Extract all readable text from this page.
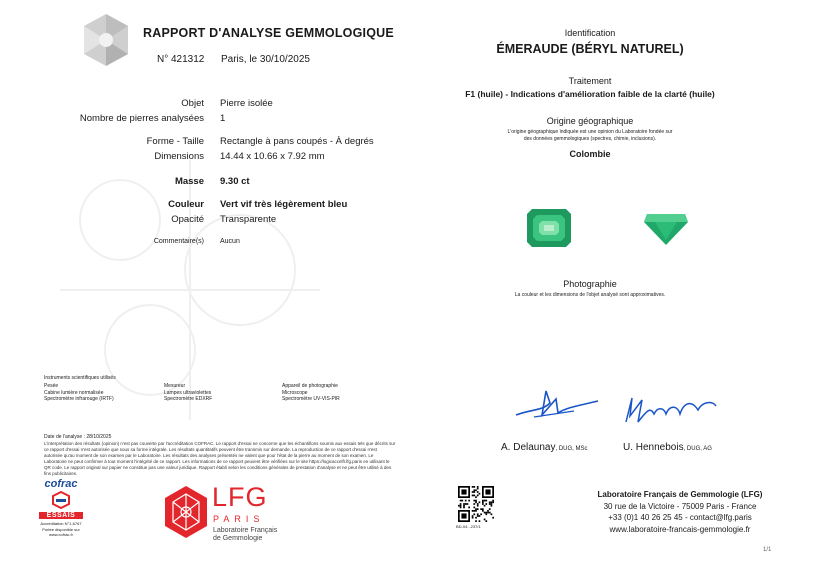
RAPPORT D'ANALYSE GEMMOLOGIQUE
N° 421312 Paris, le 30/10/2025
Objet Pierre isolée
Nombre de pierres analysées 1
Forme - Taille Rectangle à pans coupés - À degrés
Dimensions 14.44 x 10.66 x 7.92 mm
Masse 9.30 ct
Couleur Vert vif très légèrement bleu
Opacité Transparente
Commentaire(s) Aucun
Instruments scientifiques utilisés
Pesée
Cabine lumière normalisée
Spectromètre infrarouge (IRTF)
Mesureur
Lampes ultraviolettes
Spectromètre EDXRF
Appareil de photographie
Microscope
Spectromètre UV-VIS-PIR
Date de l'analyse : 28/10/2025
L'interprétation des résultats (opinion) n'est pas couverte par l'accréditation COFRAC. Le rapport d'essai ne concerne que les échantillons soumis aux essais tels que décrits sur ce rapport d'essai n'est autorisée que sous sa forme intégrale. Les résultats quantitatifs peuvent être transmis sur demande. La reproduction de ce rapport d'essai n'est autorisée qu'au moment de son examen par le Laboratoire. Les résultats des analyses présentés ne valent que pour l'état de la pierre au moment de son examen. Le Laboratoire ne peut confirmer à tout moment l'intégrité de ce rapport. Les informations de ce rapport peuvent être vérifiées sur le site https://logicaccelfr.lfg.paris en utilisant le QR code. Le rapport original sur papier ne constitue pas une valeur juridique. Rapport établi selon les conditions générales de prestation d'analyse et ne peut être utilisé à des fins publicitaires.
cofrac
ESSAIS
Accréditation N°1-6767
Portée disponible sur
www.cofrac.fr
LFG
PARIS
Laboratoire Français
de Gemmologie
Identification
ÉMERAUDE (BÉRYL NATUREL)
Traitement
F1 (huile) - Indications d'amélioration faible de la clarté (huile)
Origine géographique
L'origine géographique indiquée est une opinion du Laboratoire fondée sur
des données gemmologiques (spectres, chimie, inclusions).
Colombie
Photographie
La couleur et les dimensions de l'objet analysé sont approximatives.
A. Delaunay, DUG, MSc	U. Hennebois, DUG, AG
BD-04...237/1
Laboratoire Français de Gemmologie (LFG)
30 rue de la Victoire - 75009 Paris - France
+33 (0)1 40 26 25 45 - contact@lfg.paris
www.laboratoire-francais-gemmologie.fr
1/1
